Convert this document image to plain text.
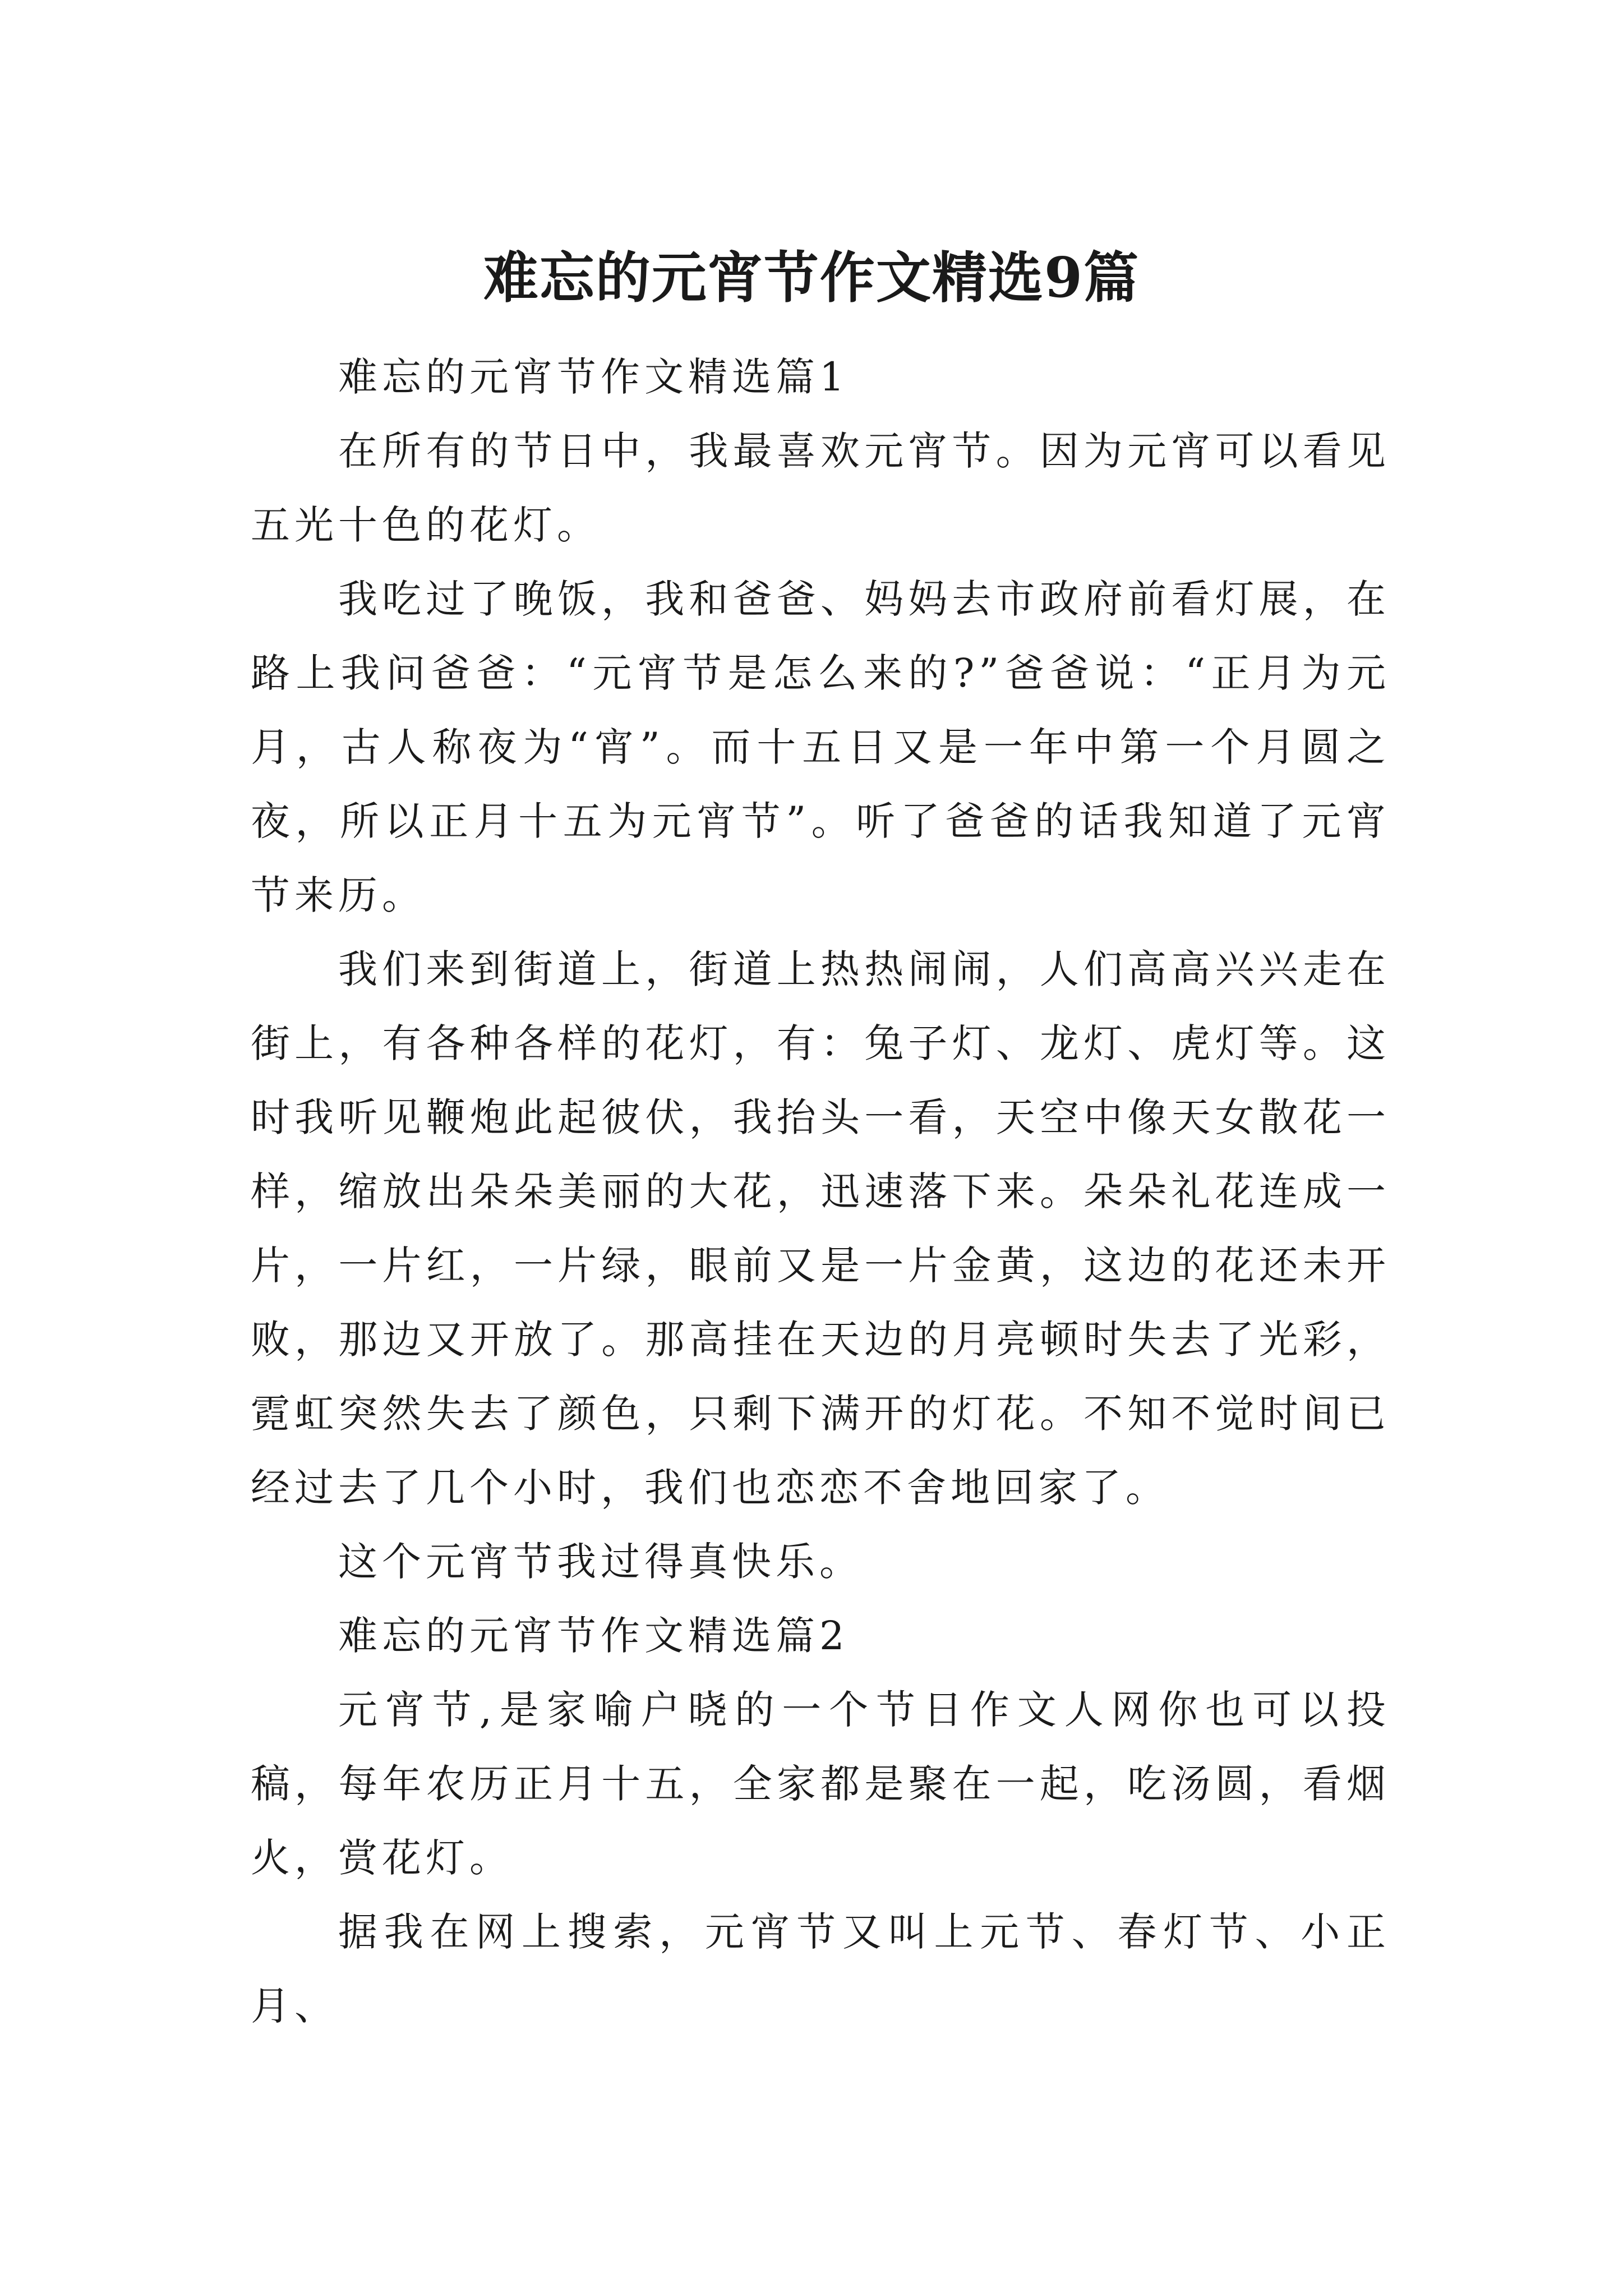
难忘的元宵节作文精选9篇

难忘的元宵节作文精选篇1

在所有的节日中，我最喜欢元宵节。因为元宵可以看见五光十色的花灯。

我吃过了晚饭，我和爸爸、妈妈去市政府前看灯展，在路上我问爸爸：“元宵节是怎么来的?”爸爸说：“正月为元月，古人称夜为“宵”。而十五日又是一年中第一个月圆之夜，所以正月十五为元宵节”。听了爸爸的话我知道了元宵节来历。

我们来到街道上，街道上热热闹闹，人们高高兴兴走在街上，有各种各样的花灯，有：兔子灯、龙灯、虎灯等。这时我听见鞭炮此起彼伏，我抬头一看，天空中像天女散花一样，缩放出朵朵美丽的大花，迅速落下来。朵朵礼花连成一片，一片红，一片绿，眼前又是一片金黄，这边的花还未开败，那边又开放了。那高挂在天边的月亮顿时失去了光彩，霓虹突然失去了颜色，只剩下满开的灯花。不知不觉时间已经过去了几个小时，我们也恋恋不舍地回家了。

这个元宵节我过得真快乐。

难忘的元宵节作文精选篇2

元宵节,是家喻户晓的一个节日作文人网你也可以投稿，每年农历正月十五，全家都是聚在一起，吃汤圆，看烟火，赏花灯。

据我在网上搜索，元宵节又叫上元节、春灯节、小正月、
